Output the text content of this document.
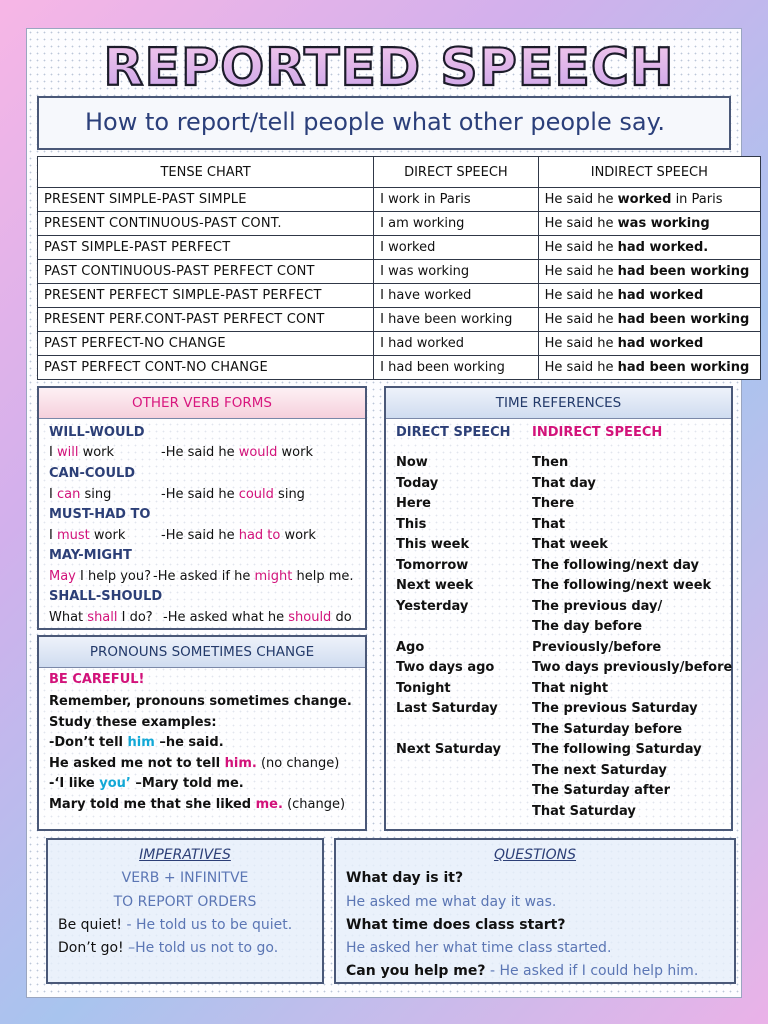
REPORTED SPEECH
How to report/tell people what other people say.
TENSE CHART	DIRECT SPEECH	INDIRECT SPEECH
PRESENT SIMPLE-PAST SIMPLE	I work in Paris	He said he worked in Paris
PRESENT CONTINUOUS-PAST CONT.	I am working	He said he was working
PAST SIMPLE-PAST PERFECT	I worked	He said he had worked.
PAST CONTINUOUS-PAST PERFECT CONT	I was working	He said he had been working
PRESENT PERFECT SIMPLE-PAST PERFECT	I have worked	He said he had worked
PRESENT PERF.CONT-PAST PERFECT CONT	I have been working	He said he had been working
PAST PERFECT-NO CHANGE	I had worked	He said he had worked
PAST PERFECT CONT-NO CHANGE	I had been working	He said he had been working
OTHER VERB FORMS
WILL-WOULD
I will work	-He said he would work
CAN-COULD
I can sing	-He said he could sing
MUST-HAD TO
I must work	-He said he had to work
MAY-MIGHT
May I help you? -He asked if he might help me.
SHALL-SHOULD
What shall I do? -He asked what he should do
PRONOUNS SOMETIMES CHANGE
BE CAREFUL!
Remember, pronouns sometimes change.
Study these examples:
-Don’t tell him –he said.
He asked me not to tell him. (no change)
-‘I like you’ –Mary told me.
Mary told me that she liked me. (change)
TIME REFERENCES
DIRECT SPEECH INDIRECT SPEECH
Now	Then
Today	That day
Here	There
This	That
This week	That week
Tomorrow	The following/next day
Next week	The following/next week
Yesterday	The previous day/
The day before
Ago	Previously/before
Two days ago	Two days previously/before
Tonight	That night
Last Saturday	The previous Saturday
The Saturday before
Next Saturday The following Saturday
The next Saturday
The Saturday after
That Saturday
IMPERATIVES
VERB + INFINITVE
TO REPORT ORDERS
Be quiet! - He told us to be quiet.
Don’t go! –He told us not to go.
QUESTIONS
What day is it?
He asked me what day it was.
What time does class start?
He asked her what time class started.
Can you help me? - He asked if I could help him.
